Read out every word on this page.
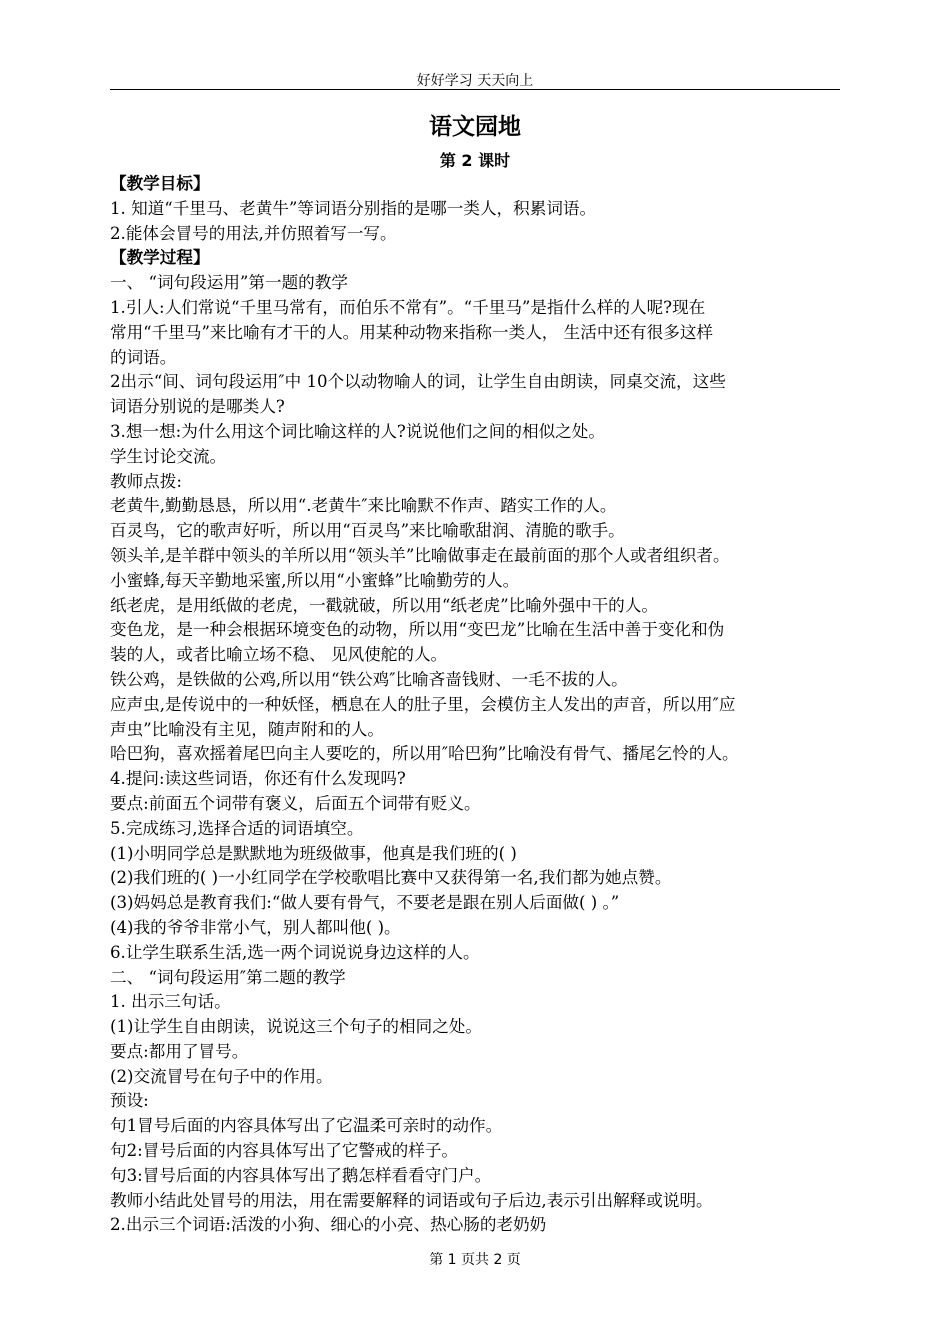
好好学习 天天向上
语文园地
第 2 课时
【教学目标】
1. 知道“千里马、老黄牛”等词语分别指的是哪一类人，积累词语。
2.能体会冒号的用法,并仿照着写一写。
【教学过程】
一、 “词句段运用”第一题的教学
1.引人:人们常说“千里马常有，而伯乐不常有”。“千里马”是指什么样的人呢?现在
常用“千里马”来比喻有才干的人。用某种动物来指称一类人， 生活中还有很多这样
的词语。
2出示“间、词句段运用″中 10个以动物喻人的词，让学生自由朗读，同桌交流，这些
词语分别说的是哪类人?
3.想一想:为什么用这个词比喻这样的人?说说他们之间的相似之处。
学生讨论交流。
教师点拨:
老黄牛,勤勤恳恳，所以用“.老黄牛″来比喻默不作声、踏实工作的人。
百灵鸟，它的歌声好听，所以用“百灵鸟”来比喻歌甜润、清脆的歌手。
领头羊,是羊群中领头的羊所以用“领头羊”比喻做事走在最前面的那个人或者组织者。
小蜜蜂,每天辛勤地采蜜,所以用“小蜜蜂”比喻勤劳的人。
纸老虎，是用纸做的老虎，一戳就破，所以用“纸老虎”比喻外强中干的人。
变色龙，是一种会根据环境变色的动物，所以用“变巴龙”比喻在生活中善于变化和伪
装的人，或者比喻立场不稳、 见风使舵的人。
铁公鸡，是铁做的公鸡,所以用“铁公鸡″比喻吝啬钱财、一毛不拔的人。
应声虫,是传说中的一种妖怪，栖息在人的肚子里，会模仿主人发出的声音，所以用″应
声虫”比喻没有主见，随声附和的人。
哈巴狗，喜欢摇着尾巴向主人要吃的，所以用″哈巴狗”比喻没有骨气、播尾乞怜的人。
4.提问:读这些词语，你还有什么发现吗?
要点:前面五个词带有褒义，后面五个词带有贬义。
5.完成练习,选择合适的词语填空。
(1)小明同学总是默默地为班级做事，他真是我们班的( )
(2)我们班的( )一小红同学在学校歌唱比赛中又获得第一名,我们都为她点赞。
(3)妈妈总是教育我们:“做人要有骨气，不要老是跟在别人后面做( ) 。”
(4)我的爷爷非常小气，别人都叫他( )。
6.让学生联系生活,选一两个词说说身边这样的人。
二、 “词句段运用″第二题的教学
1. 出示三句话。
(1)让学生自由朗读，说说这三个句子的相同之处。
要点:都用了冒号。
(2)交流冒号在句子中的作用。
预设:
句1冒号后面的内容具体写出了它温柔可亲时的动作。
句2:冒号后面的内容具体写出了它警戒的样子。
句3:冒号后面的内容具体写出了鹅怎样看看守门户。
教师小结此处冒号的用法，用在需要解释的词语或句子后边,表示引出解释或说明。
2.出示三个词语:活泼的小狗、细心的小亮、热心肠的老奶奶
第 1 页共 2 页
